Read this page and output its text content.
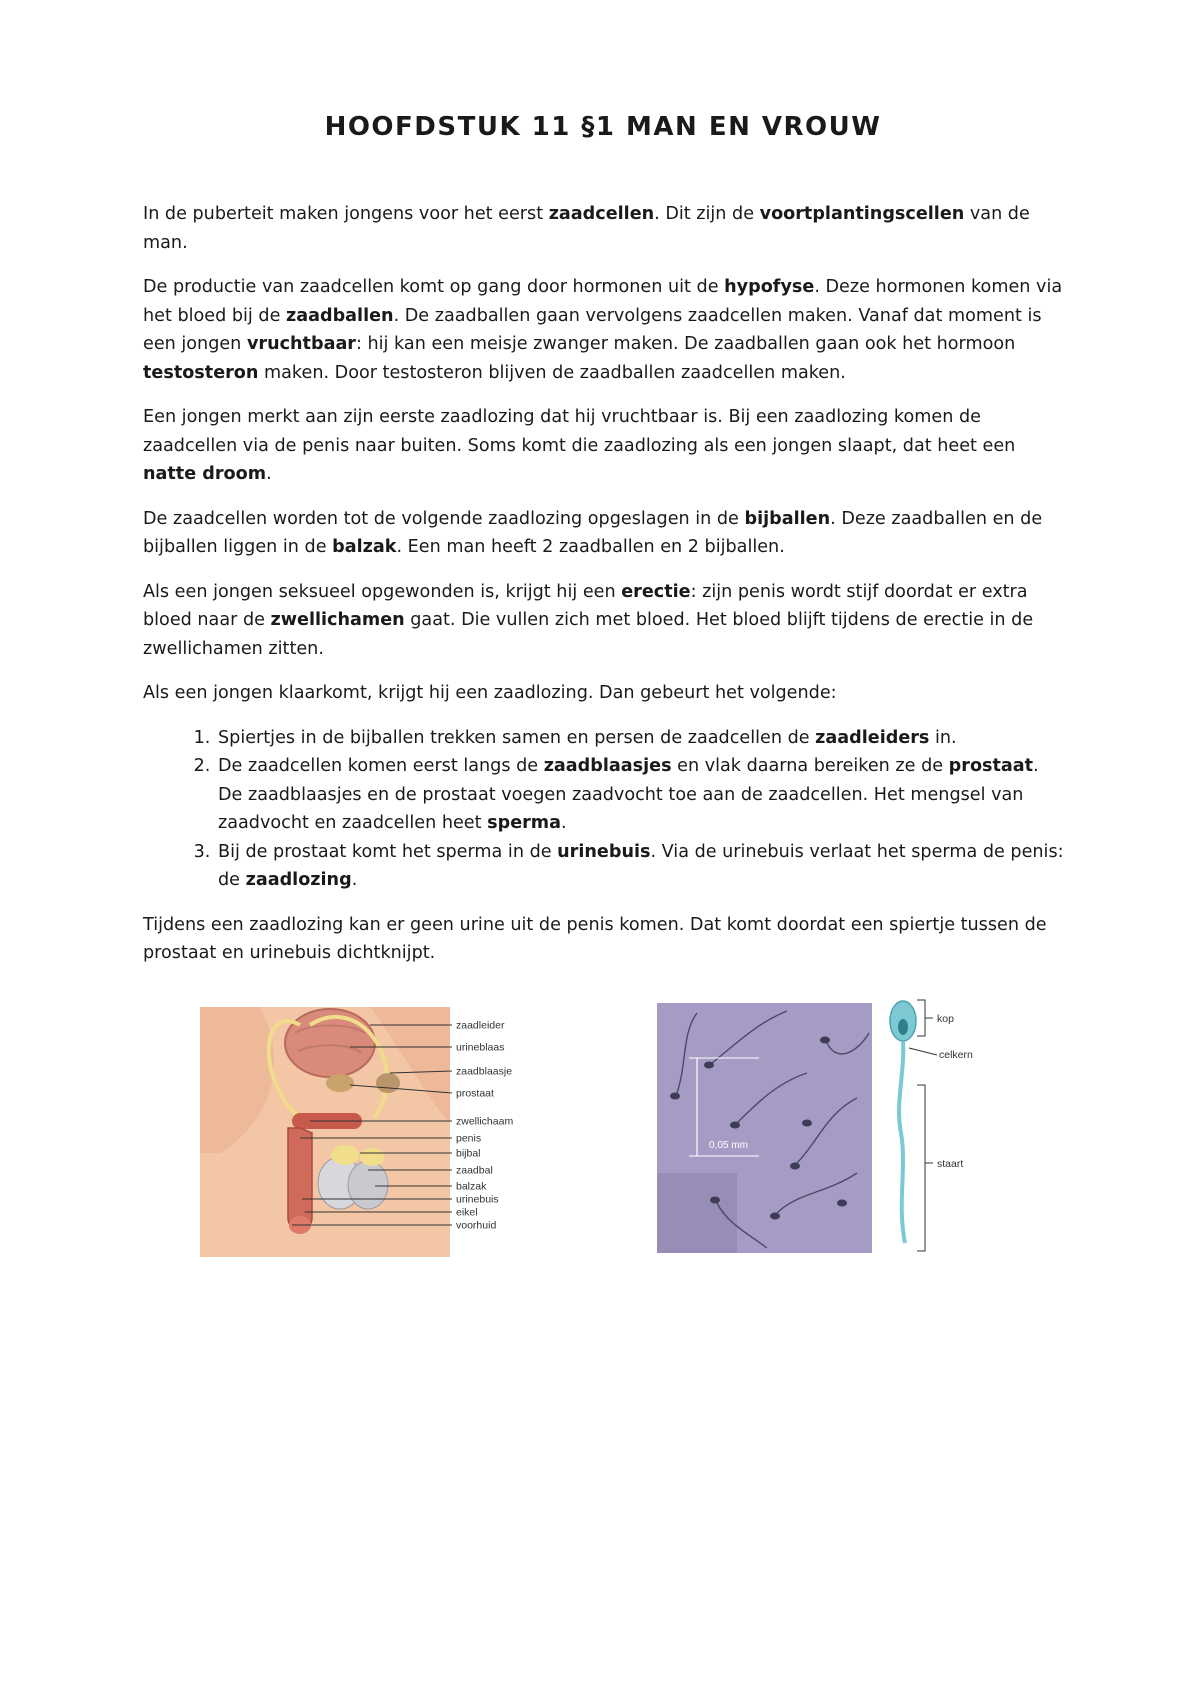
HOOFDSTUK 11 §1 MAN EN VROUW

In de puberteit maken jongens voor het eerst zaadcellen. Dit zijn de voortplantingscellen van de man.

De productie van zaadcellen komt op gang door hormonen uit de hypofyse. Deze hormonen komen via het bloed bij de zaadballen. De zaadballen gaan vervolgens zaadcellen maken. Vanaf dat moment is een jongen vruchtbaar: hij kan een meisje zwanger maken. De zaadballen gaan ook het hormoon testosteron maken. Door testosteron blijven de zaadballen zaadcellen maken.

Een jongen merkt aan zijn eerste zaadlozing dat hij vruchtbaar is. Bij een zaadlozing komen de zaadcellen via de penis naar buiten. Soms komt die zaadlozing als een jongen slaapt, dat heet een natte droom.

De zaadcellen worden tot de volgende zaadlozing opgeslagen in de bijballen. Deze zaadballen en de bijballen liggen in de balzak. Een man heeft 2 zaadballen en 2 bijballen.

Als een jongen seksueel opgewonden is, krijgt hij een erectie: zijn penis wordt stijf doordat er extra bloed naar de zwellichamen gaat. Die vullen zich met bloed. Het bloed blijft tijdens de erectie in de zwellichamen zitten.

Als een jongen klaarkomt, krijgt hij een zaadlozing. Dan gebeurt het volgende:

1. Spiertjes in de bijballen trekken samen en persen de zaadcellen de zaadleiders in.
2. De zaadcellen komen eerst langs de zaadblaasjes en vlak daarna bereiken ze de prostaat. De zaadblaasjes en de prostaat voegen zaadvocht toe aan de zaadcellen. Het mengsel van zaadvocht en zaadcellen heet sperma.
3. Bij de prostaat komt het sperma in de urinebuis. Via de urinebuis verlaat het sperma de penis: de zaadlozing.

Tijdens een zaadlozing kan er geen urine uit de penis komen. Dat komt doordat een spiertje tussen de prostaat en urinebuis dichtknijpt.

zaadleider
urineblaas
zaadblaasje
prostaat
zwellichaam
penis
bijbal
zaadbal
balzak
urinebuis
eikel
voorhuid
0,05 mm
kop
celkern
staart
